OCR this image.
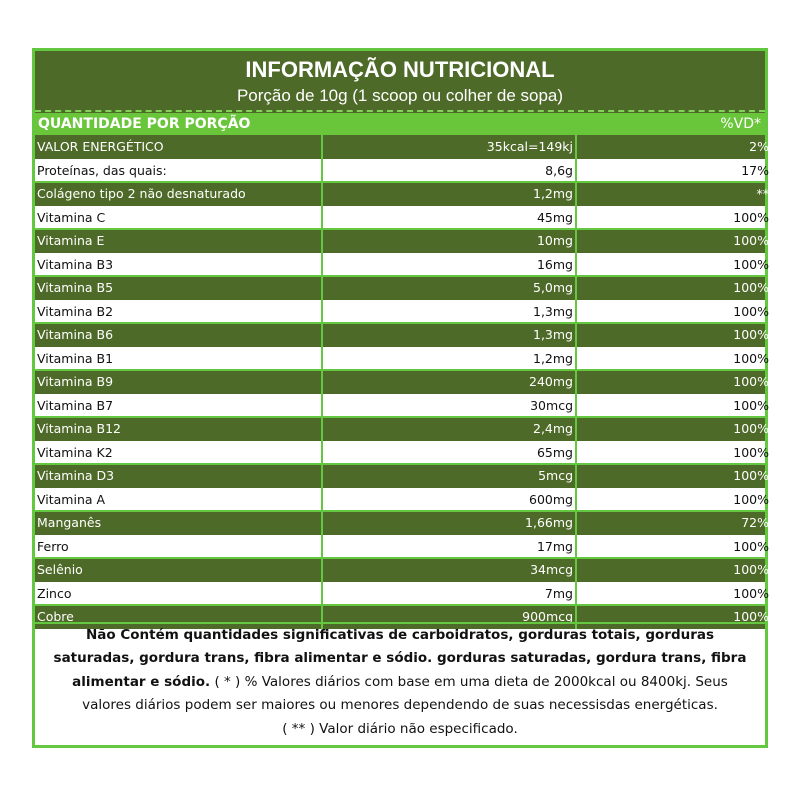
INFORMAÇÃO NUTRICIONAL
Porção de 10g (1 scoop ou colher de sopa)
QUANTIDADE POR PORÇÃO	%VD*
VALOR ENERGÉTICO	35kcal=149kj	2%
Proteínas, das quais:	8,6g	17%
Colágeno tipo 2 não desnaturado	1,2mg	**
Vitamina C	45mg	100%
Vitamina E	10mg	100%
Vitamina B3	16mg	100%
Vitamina B5	5,0mg	100%
Vitamina B2	1,3mg	100%
Vitamina B6	1,3mg	100%
Vitamina B1	1,2mg	100%
Vitamina B9	240mg	100%
Vitamina B7	30mcg	100%
Vitamina B12	2,4mg	100%
Vitamina K2	65mg	100%
Vitamina D3	5mcg	100%
Vitamina A	600mg	100%
Manganês	1,66mg	72%
Ferro	17mg	100%
Selênio	34mcg	100%
Zinco	7mg	100%
Cobre	900mcg	100%
Não Contém quantidades significativas de carboidratos, gorduras totais, gorduras
saturadas, gordura trans, fibra alimentar e sódio. gorduras saturadas, gordura trans, fibra
alimentar e sódio. ( * ) % Valores diários com base em uma dieta de 2000kcal ou 8400kj. Seus
valores diários podem ser maiores ou menores dependendo de suas necessisdas energéticas.
( ** ) Valor diário não especificado.
